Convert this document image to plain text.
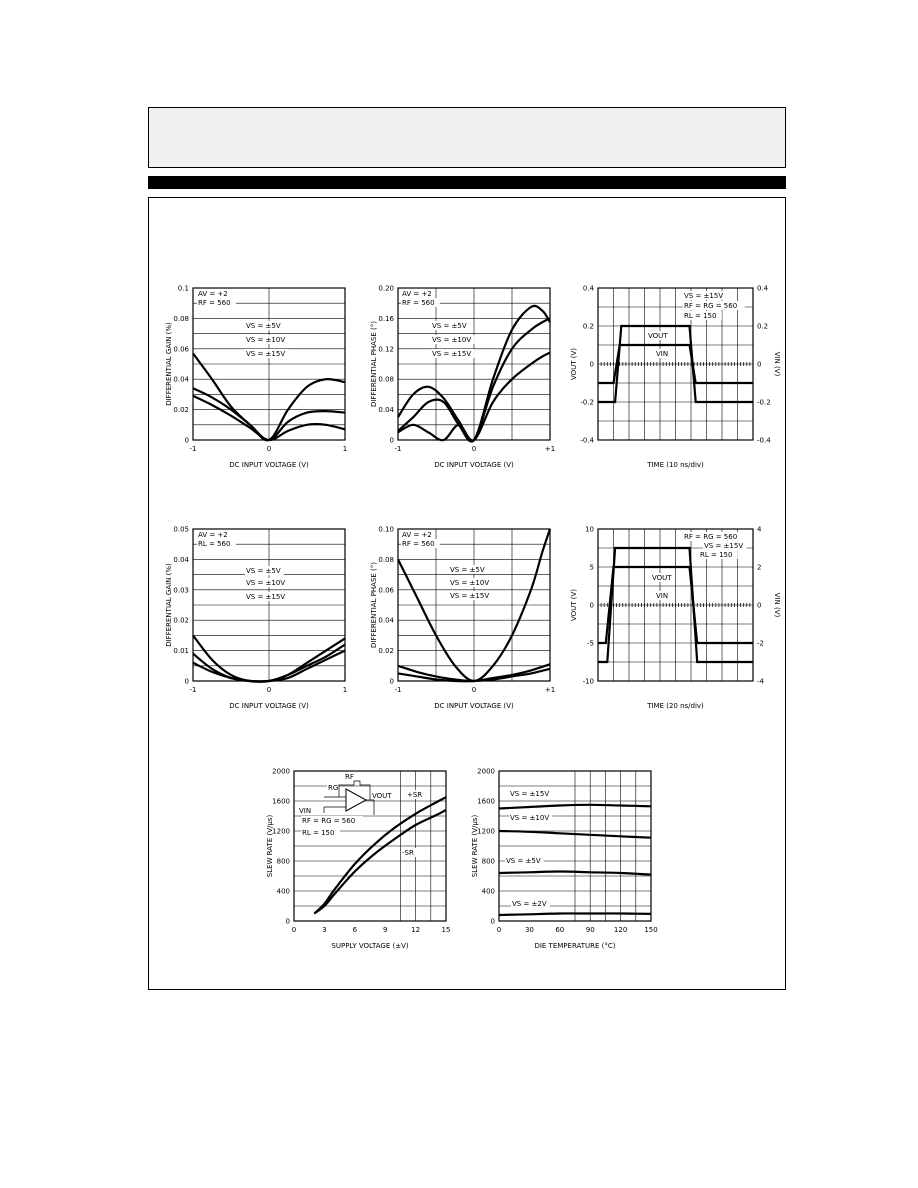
0
0.02
0.04
0.06
0.08
0.1
-1	0	1
DC INPUT VOLTAGE (V)
DIFFERENTIAL GAIN (%)	VS = ±5V
VS = ±10V
VS = ±15V
AV = +2
RF = 560
0
0.04
0.08
0.12
0.16
0.20
-1	0	+1
DC INPUT VOLTAGE (V)
DIFFERENTIAL PHASE (°)	VS = ±5V
VS = ±10V
VS = ±15V
AV = +2
RF = 560
-0.4
-0.2
0
0.2
0.4
-0.4
-0.2
0
0.2
0.4
TIME (10 ns/div)
VOUT (V)	VIN (V)
VOUT
VIN
VS = ±15V
RF = RG = 560
RL = 150
0
0.01
0.02
0.03
0.04
0.05
-1	0	1
DC INPUT VOLTAGE (V)
DIFFERENTIAL GAIN (%)	VS = ±5V
VS = ±10V
VS = ±15V
AV = +2
RL = 560
0
0.02
0.04
0.06
0.08
0.10
-1	0	+1
DC INPUT VOLTAGE (V)
DIFFERENTIAL PHASE (°)	VS = ±5V
VS = ±10V
VS = ±15V
AV = +2
RF = 560
-10
-5
0
5
10
-4
-2
0
2
4
TIME (20 ns/div)
VOUT (V)	VIN (V)
VOUT
VIN
RF = RG = 560
VS = ±15V
RL = 150
0
400
800
1200
1600
2000
0	3	6	9	12	15
SUPPLY VOLTAGE (±V)
SLEW RATE (V/µs)
+SR
-SR
RF
RG
VOUT
VIN
RF = RG = 560
RL = 150
0
400
800
1200
1600
2000
0	30	60	90	120 150
DIE TEMPERATURE (°C)
SLEW RATE (V/µs)
VS = ±15V
VS = ±10V
VS = ±5V
VS = ±2V
